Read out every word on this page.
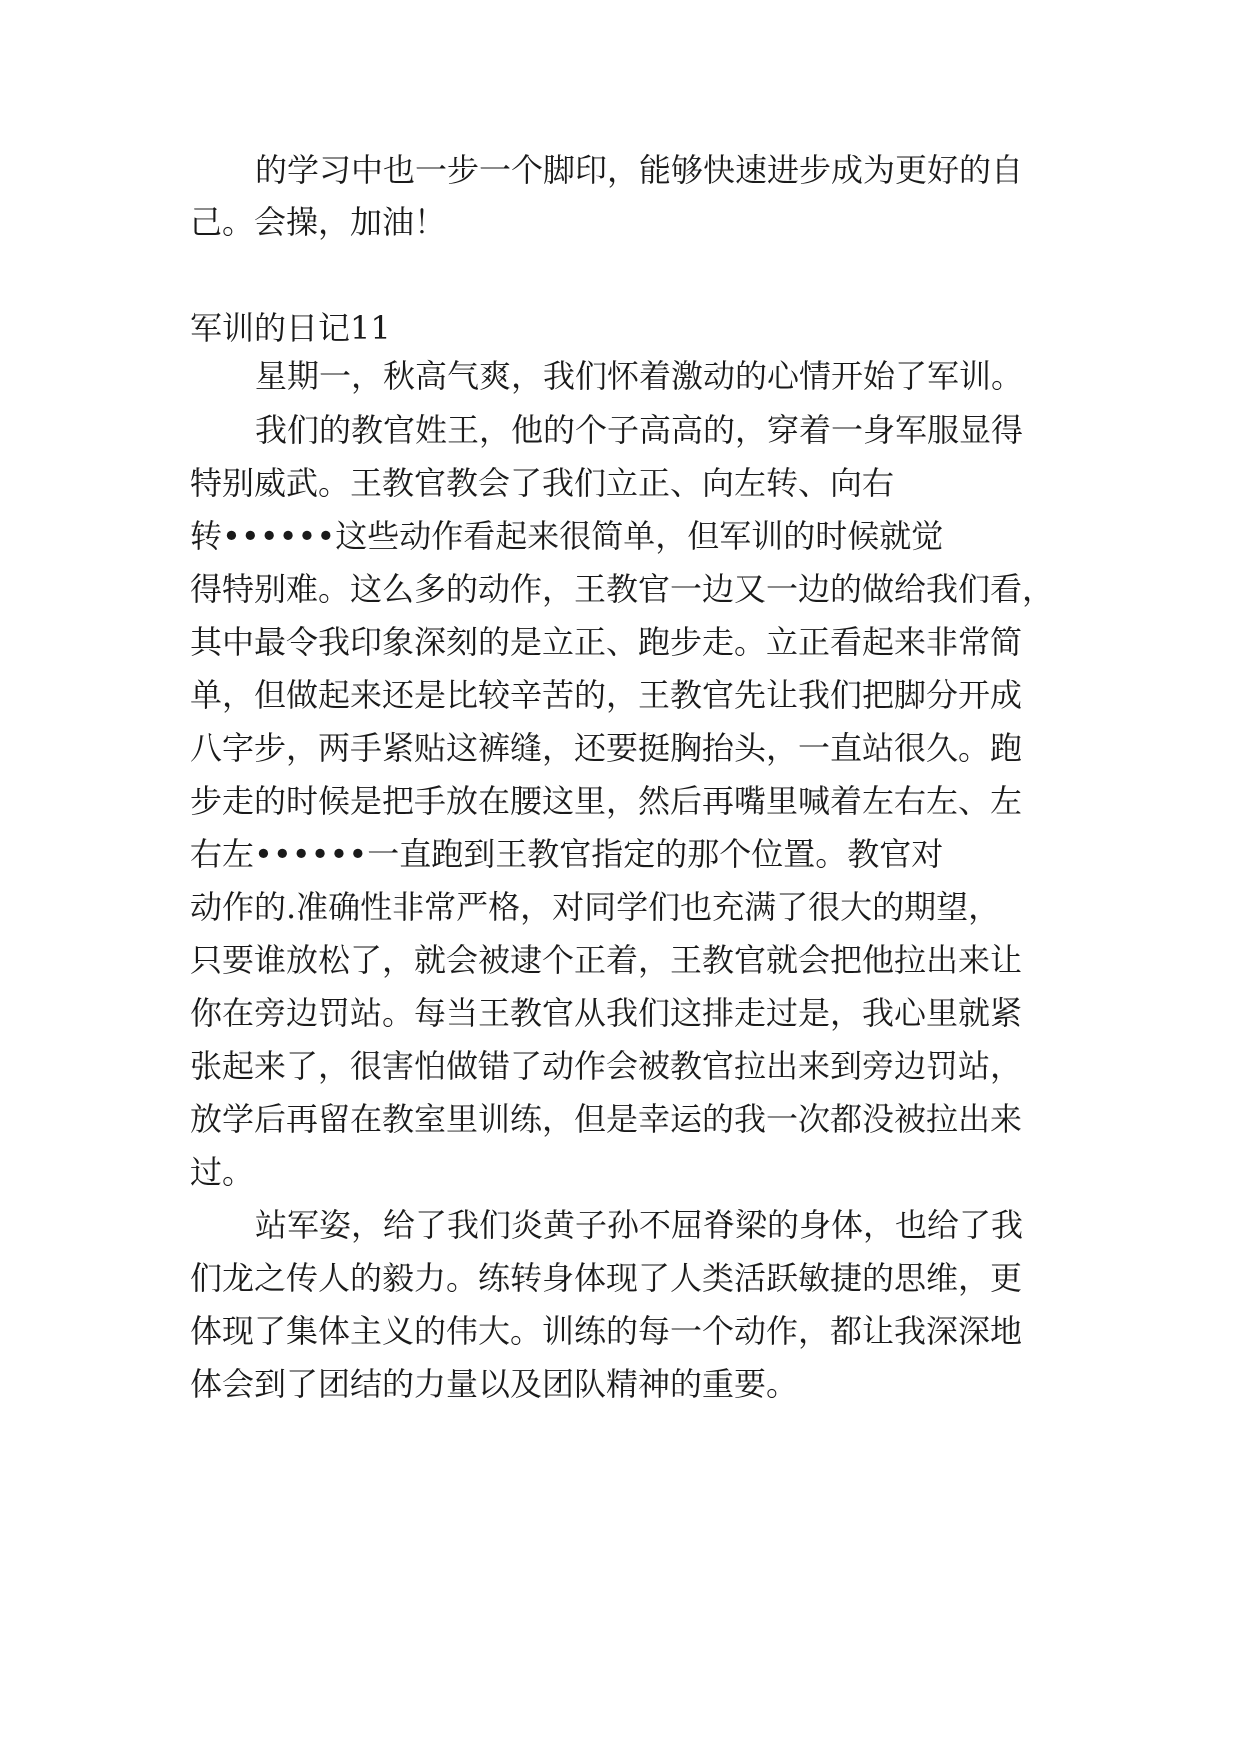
的学习中也一步一个脚印，能够快速进步成为更好的自
己。会操，加油！
军训的日记11
星期一，秋高气爽，我们怀着激动的心情开始了军训。
我们的教官姓王，他的个子高高的，穿着一身军服显得
特别威武。王教官教会了我们立正、向左转、向右
转••••••这些动作看起来很简单，但军训的时候就觉
得特别难。这么多的动作，王教官一边又一边的做给我们看，
其中最令我印象深刻的是立正、跑步走。立正看起来非常简
单，但做起来还是比较辛苦的，王教官先让我们把脚分开成
八字步，两手紧贴这裤缝，还要挺胸抬头，一直站很久。跑
步走的时候是把手放在腰这里，然后再嘴里喊着左右左、左
右左••••••一直跑到王教官指定的那个位置。教官对
动作的.准确性非常严格，对同学们也充满了很大的期望，
只要谁放松了，就会被逮个正着，王教官就会把他拉出来让
你在旁边罚站。每当王教官从我们这排走过是，我心里就紧
张起来了，很害怕做错了动作会被教官拉出来到旁边罚站，
放学后再留在教室里训练，但是幸运的我一次都没被拉出来
过。
站军姿，给了我们炎黄子孙不屈脊梁的身体，也给了我
们龙之传人的毅力。练转身体现了人类活跃敏捷的思维，更
体现了集体主义的伟大。训练的每一个动作，都让我深深地
体会到了团结的力量以及团队精神的重要。
